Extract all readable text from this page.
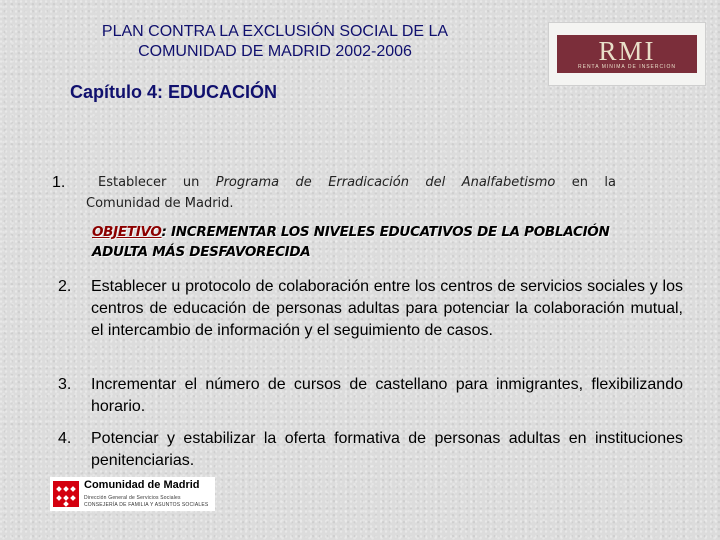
PLAN CONTRA LA EXCLUSIÓN SOCIAL DE LA
COMUNIDAD DE MADRID 2002-2006	RMI
RENTA MINIMA DE INSERCION
Capítulo 4: EDUCACIÓN
1.	Establecer un Programa de Erradicación del Analfabetismo en la
Comunidad de Madrid.
OBJETIVO: INCREMENTAR LOS NIVELES EDUCATIVOS DE LA POBLACIÓN ADULTA MÁS DESFAVORECIDA
2. Establecer u protocolo de colaboración entre los centros de servicios sociales y los centros de educación de personas adultas para potenciar la colaboración mutual, el intercambio de información y el seguimiento de casos.
3. Incrementar el número de cursos de castellano para inmigrantes, flexibilizando horario.
4. Potenciar y estabilizar la oferta formativa de personas adultas en instituciones penitenciarias.
Comunidad de Madrid
Dirección General de Servicios Sociales
CONSEJERÍA DE FAMILIA Y ASUNTOS SOCIALES
